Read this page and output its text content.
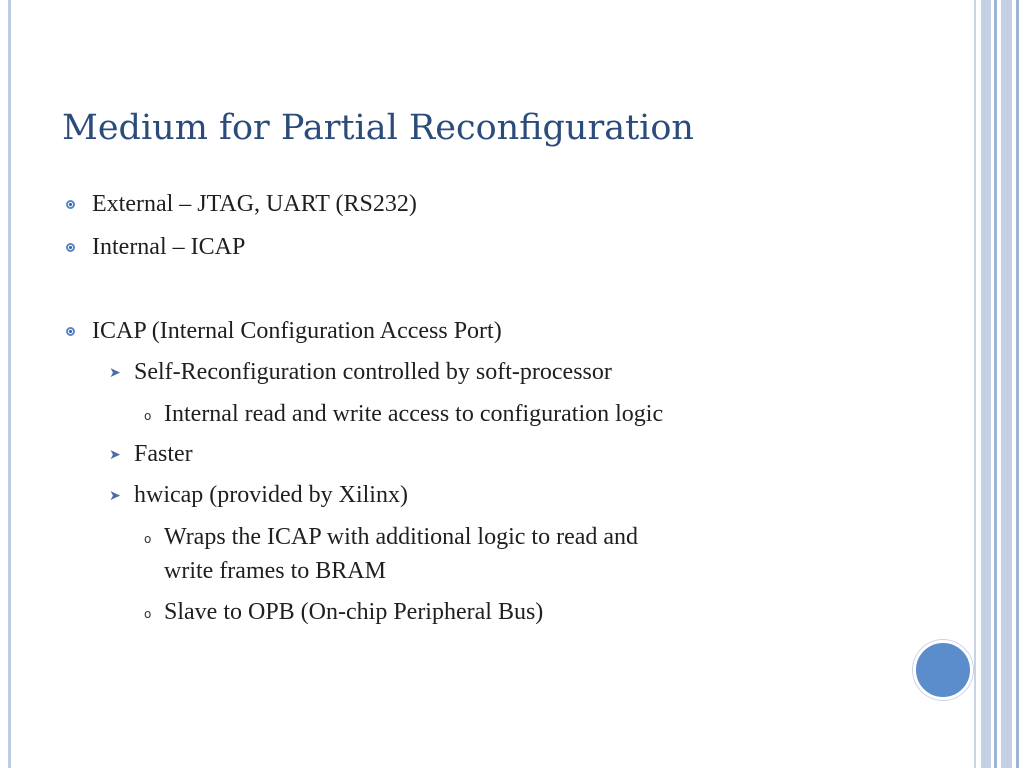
Medium for Partial Reconfiguration
External – JTAG, UART (RS232)
Internal – ICAP
ICAP (Internal Configuration Access Port)
➤ Self-Reconfiguration controlled by soft-processor
o Internal read and write access to configuration logic
➤ Faster
➤ hwicap (provided by Xilinx)
o Wraps the ICAP with additional logic to read and
write frames to BRAM
o Slave to OPB (On-chip Peripheral Bus)
